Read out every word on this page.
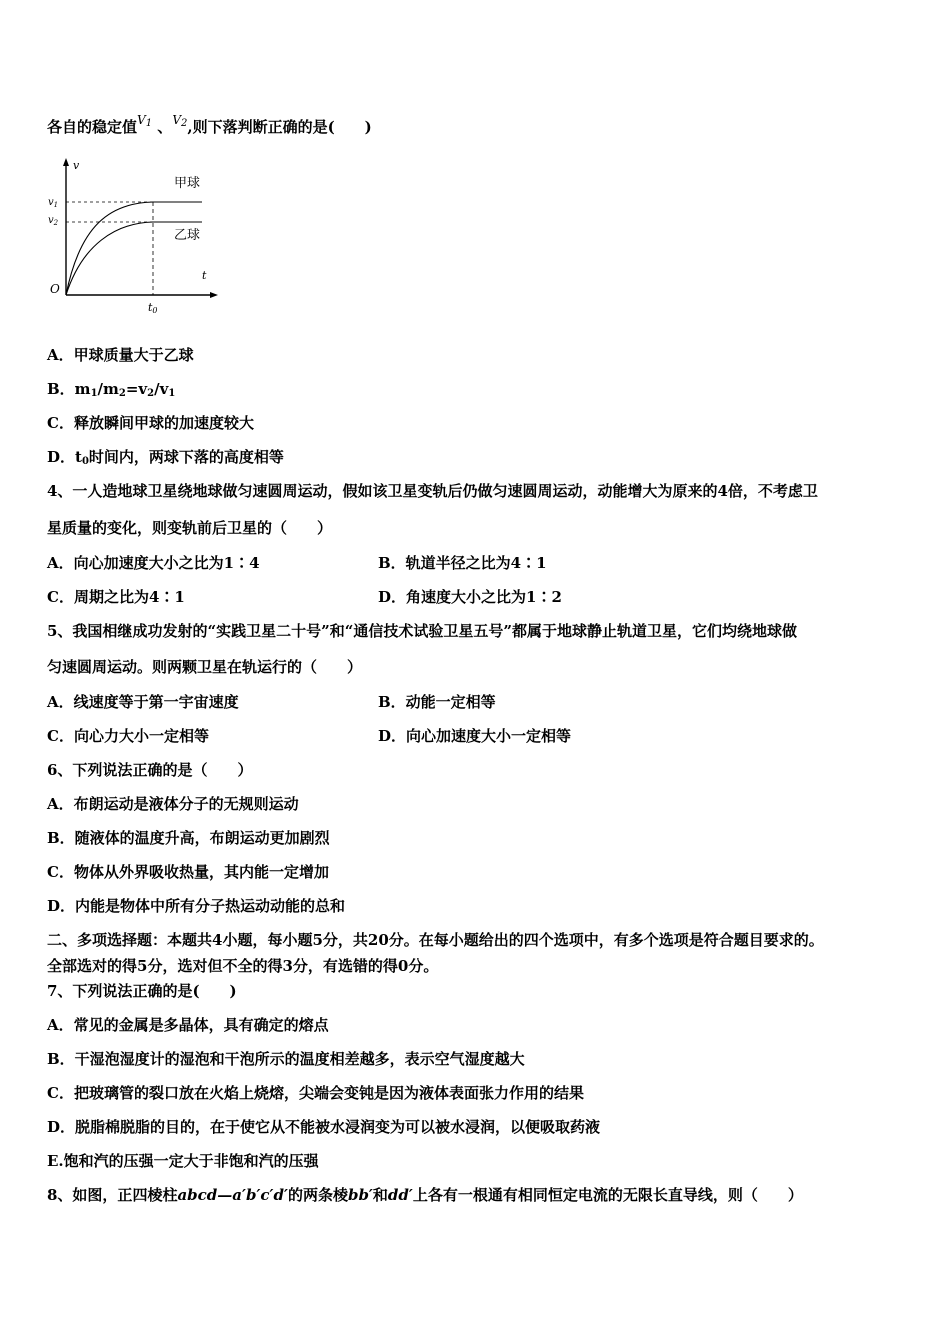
各自的稳定值$^{V_1}$ 、$^{V_2}$,则下落判断正确的是(　　)
v
t
O
$v_1$
$v_2$
t0
甲球
乙球
A．甲球质量大于乙球
B．$m_1/m_2=v_2/v_1$
C．释放瞬间甲球的加速度较大
D．$t_0$时间内，两球下落的高度相等
4、一人造地球卫星绕地球做匀速圆周运动，假如该卫星变轨后仍做匀速圆周运动，动能增大为原来的4倍，不考虑卫
星质量的变化，则变轨前后卫星的（　　）
A．向心加速度大小之比为1∶4	B．轨道半径之比为4∶1
C．周期之比为4∶1	D．角速度大小之比为1∶2
5、我国相继成功发射的“实践卫星二十号”和“通信技术试验卫星五号”都属于地球静止轨道卫星，它们均绕地球做
匀速圆周运动。则两颗卫星在轨运行的（　　）
A．线速度等于第一宇宙速度	B．动能一定相等
C．向心力大小一定相等	D．向心加速度大小一定相等
6、下列说法正确的是（　　）
A．布朗运动是液体分子的无规则运动
B．随液体的温度升高，布朗运动更加剧烈
C．物体从外界吸收热量，其内能一定增加
D．内能是物体中所有分子热运动动能的总和
二、多项选择题：本题共4小题，每小题5分，共20分。在每小题给出的四个选项中，有多个选项是符合题目要求的。
全部选对的得5分，选对但不全的得3分，有选错的得0分。
7、下列说法正确的是(　　)
A．常见的金属是多晶体，具有确定的熔点
B．干湿泡湿度计的湿泡和干泡所示的温度相差越多，表示空气湿度越大
C．把玻璃管的裂口放在火焰上烧熔，尖端会变钝是因为液体表面张力作用的结果
D．脱脂棉脱脂的目的，在于使它从不能被水浸润变为可以被水浸润，以便吸取药液
E.饱和汽的压强一定大于非饱和汽的压强
8、如图，正四棱柱abcd—a′b′c′d′的两条棱bb′和dd′上各有一根通有相同恒定电流的无限长直导线，则（　　）
